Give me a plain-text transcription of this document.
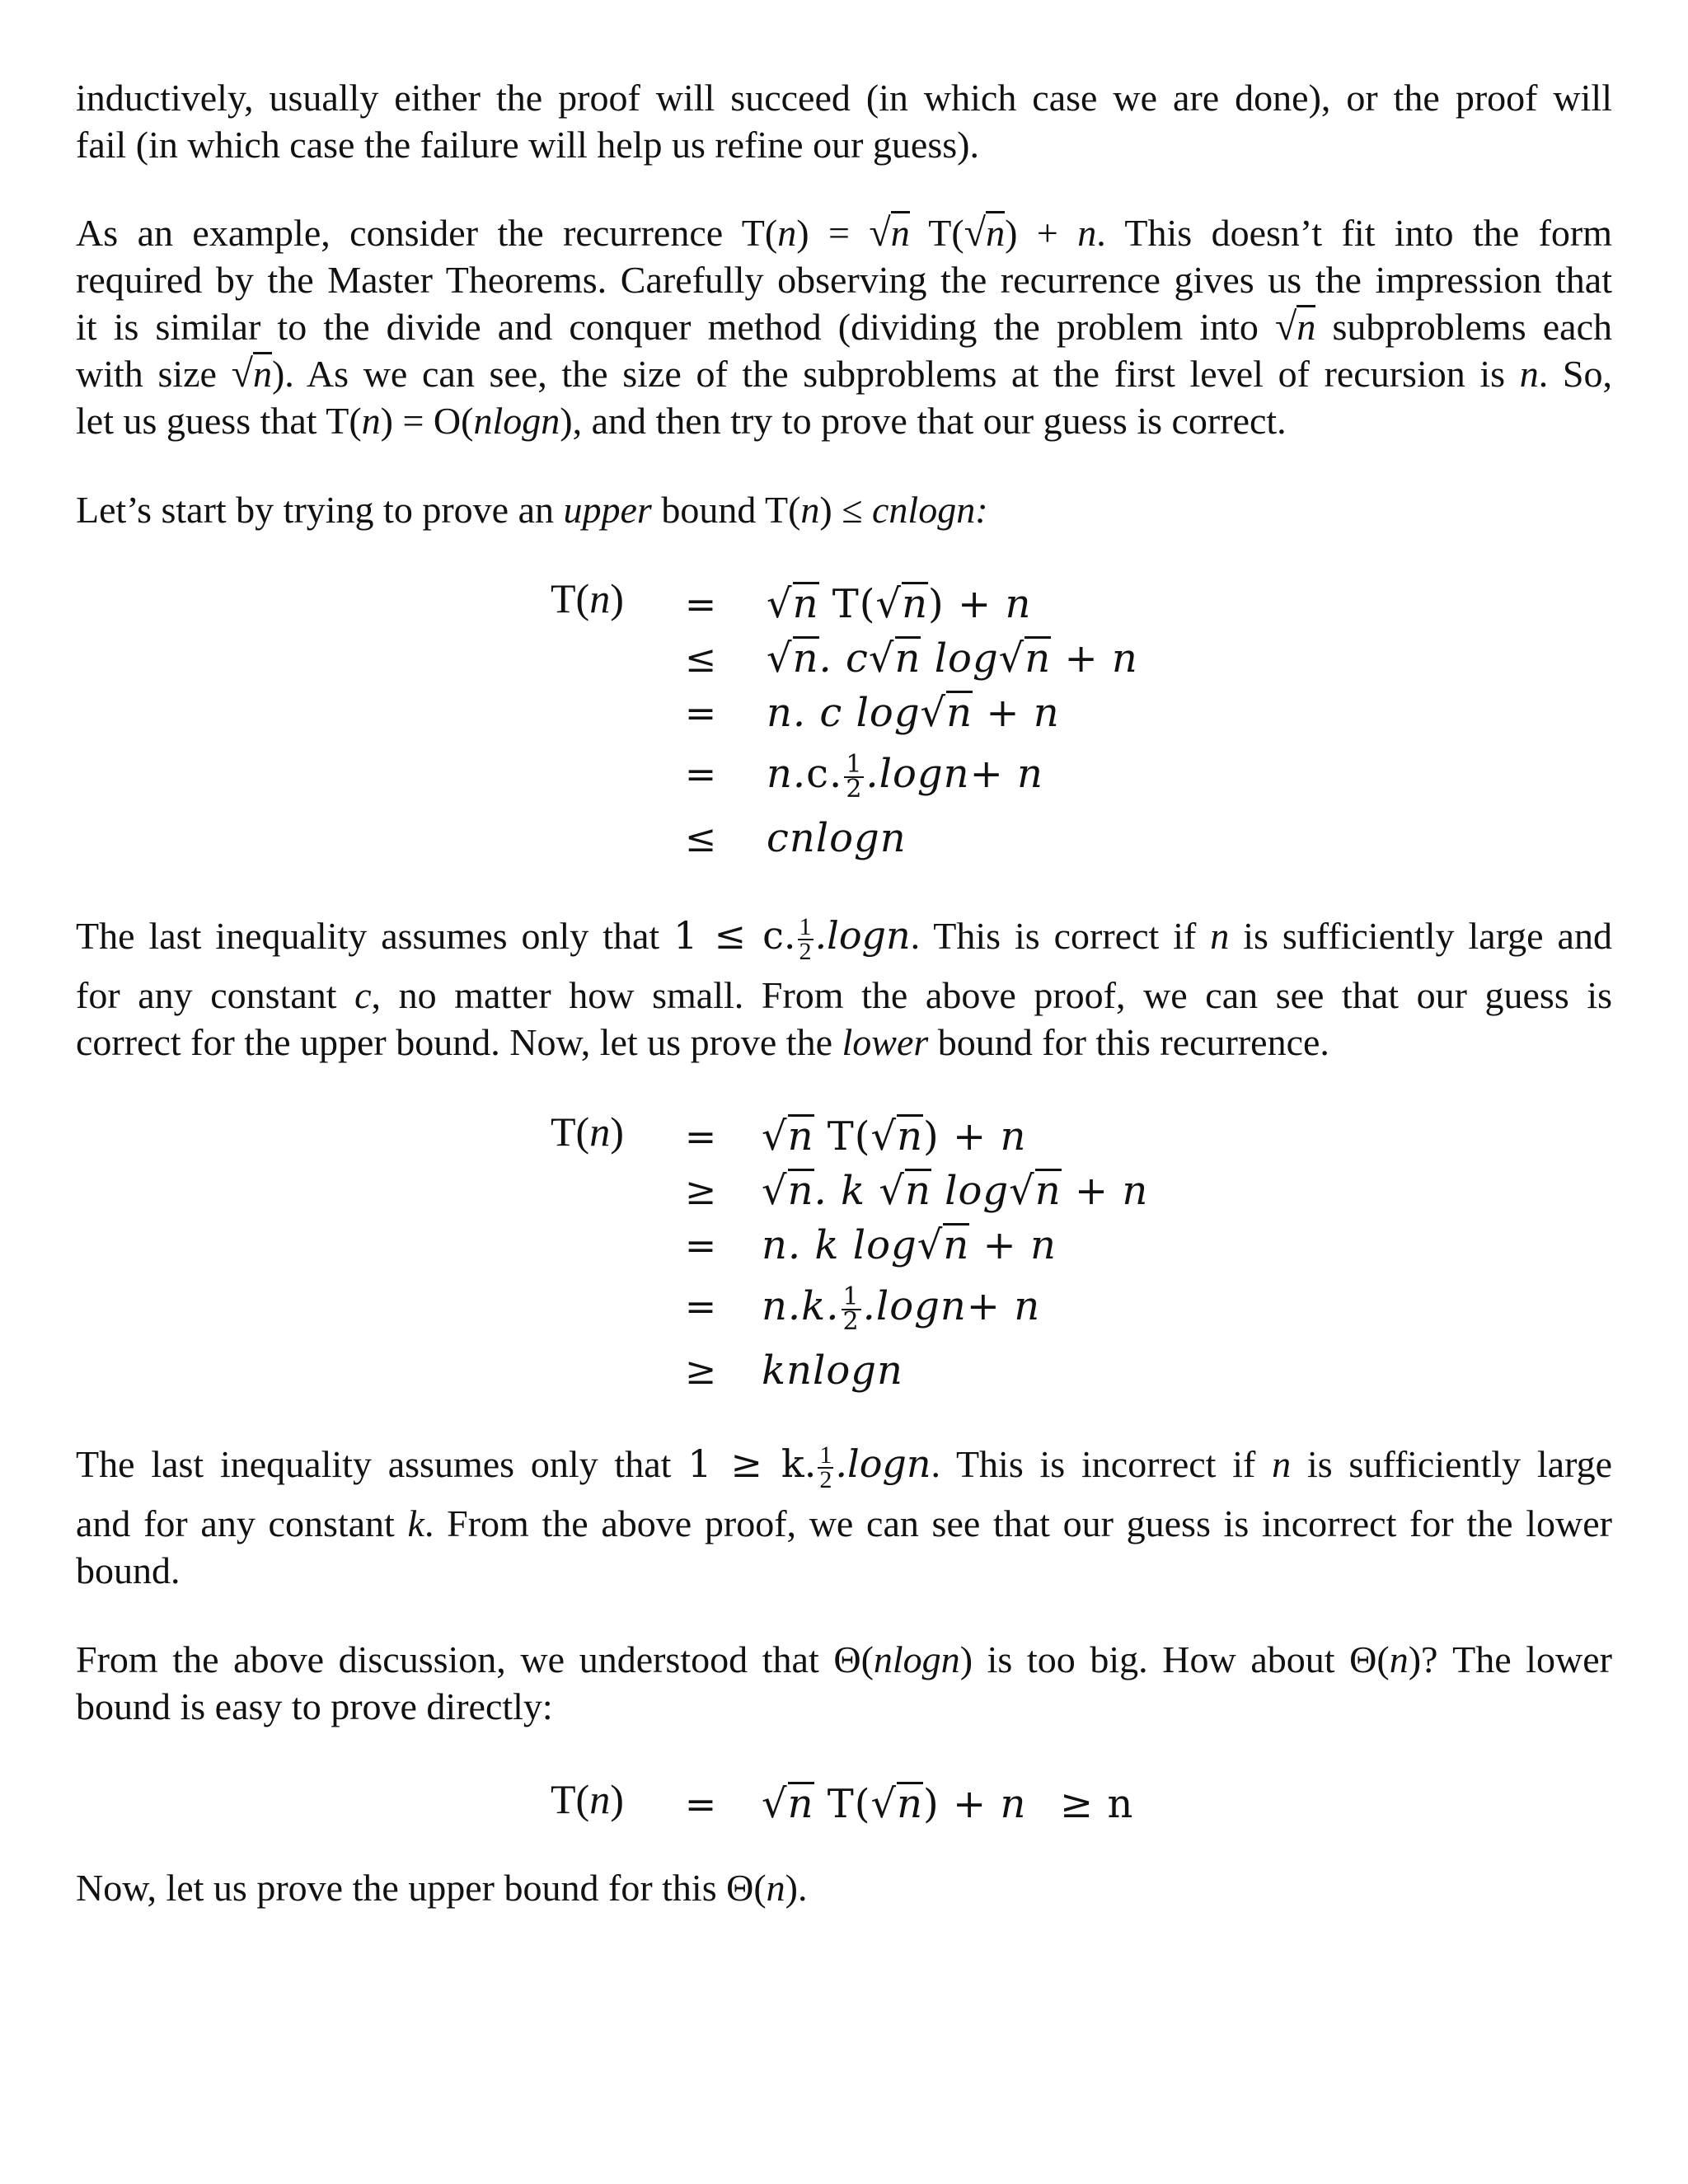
inductively, usually either the proof will succeed (in which case we are done), or the proof will
fail (in which case the failure will help us refine our guess).

As an example, consider the recurrence T(n) = √n T(√n) + n. This doesn’t fit into the form
required by the Master Theorems. Carefully observing the recurrence gives us the impression that
it is similar to the divide and conquer method (dividing the problem into √n subproblems each
with size √n). As we can see, the size of the subproblems at the first level of recursion is n. So,
let us guess that T(n) = O(nlogn), and then try to prove that our guess is correct.

Let’s start by trying to prove an upper bound T(n) ≤ cnlogn:

T(n) = √n T(√n) + n
≤ √n. c√n log√n + n
= n. c log√n + n
= n.c. $\frac{1}{2} .\log n+ n$
≤ cnlogn

The last inequality assumes only that 1 ≤ c. $\frac{1}{2} .\log n$. This is correct if n is sufficiently large and
for any constant c, no matter how small. From the above proof, we can see that our guess is
correct for the upper bound. Now, let us prove the lower bound for this recurrence.

T(n) = √n T(√n) + n
≥ √n. k √n log√n + n
= n. k log√n + n
= n.k. $\frac{1}{2} .\log n+ n$
≥ knlogn

The last inequality assumes only that 1 ≥ k. $\frac{1}{2} .\log n$. This is incorrect if n is sufficiently large
and for any constant k. From the above proof, we can see that our guess is incorrect for the lower
bound.

From the above discussion, we understood that Θ(nlogn) is too big. How about Θ(n)? The lower
bound is easy to prove directly:

T(n) = √n T(√n) + n ≥ n

Now, let us prove the upper bound for this Θ(n).
